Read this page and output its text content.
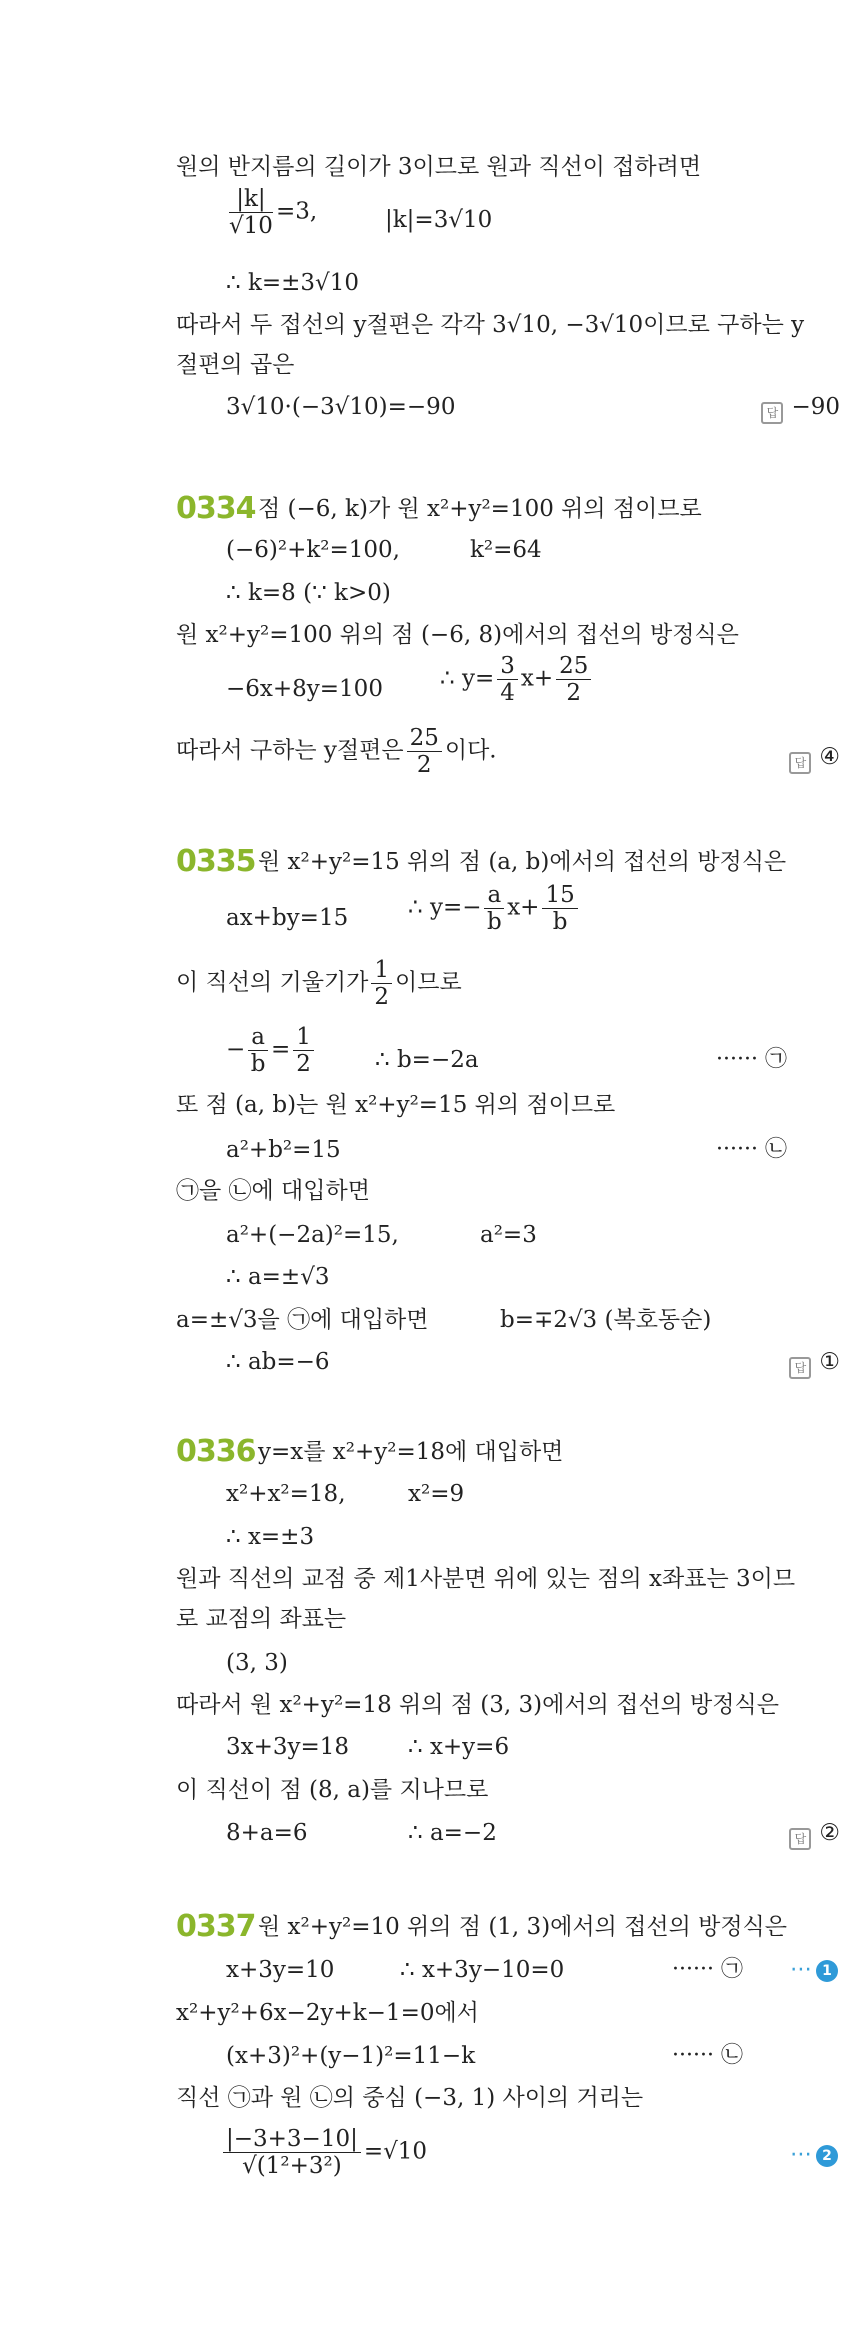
원의 반지름의 길이가 3이므로 원과 직선이 접하려면
$\frac{|k|}{√10} =3$,	|k|=3√10
∴ k=±3√10
따라서 두 접선의 y절편은 각각 3√10, −3√10이므로 구하는 y
절편의 곱은
3√10·(−3√10)=−90	답 −90
0334 점 (−6, k)가 원 x²+y²=100 위의 점이므로
(−6)²+k²=100,	k²=64
∴ k=8 (∵ k>0)
원 x²+y²=100 위의 점 (−6, 8)에서의 접선의 방정식은
−6x+8y=100 ∴ $y= \frac{3}{4} x+ \frac{25}{2}$
따라서 구하는 y절편은 $\frac{25}{2}$ 이다.	답 ④
0335 원 x²+y²=15 위의 점 (a, b)에서의 접선의 방정식은
ax+by=15	∴ $y=- \frac{a}{b} x+ \frac{15}{b}$
이 직선의 기울기가 $\frac{1}{2}$ 이므로
− $\frac{a}{b} = \frac{1}{2}$	∴ b=−2a	······ ㉠
또 점 (a, b)는 원 x²+y²=15 위의 점이므로
a²+b²=15	······ ㉡
㉠을 ㉡에 대입하면
a²+(−2a)²=15,	a²=3
∴ a=±√3
a=±√3을 ㉠에 대입하면	b=∓2√3 (복호동순)
∴ ab=−6	답 ①
0336 y=x를 x²+y²=18에 대입하면
x²+x²=18,	x²=9
∴ x=±3
원과 직선의 교점 중 제1사분면 위에 있는 점의 x좌표는 3이므
로 교점의 좌표는
(3, 3)
따라서 원 x²+y²=18 위의 점 (3, 3)에서의 접선의 방정식은
3x+3y=18	∴ x+y=6
이 직선이 점 (8, a)를 지나므로
8+a=6	∴ a=−2	답 ②
0337 원 x²+y²=10 위의 점 (1, 3)에서의 접선의 방정식은
x+3y=10	∴ x+3y−10=0	······ ㉠ ⋯ 1
x²+y²+6x−2y+k−1=0에서
(x+3)²+(y−1)²=11−k	······ ㉡
직선 ㉠과 원 ㉡의 중심 (−3, 1) 사이의 거리는
$\frac{|-3+3-10|}{\text{√(1²+3²)}} =√10$	⋯ 2
